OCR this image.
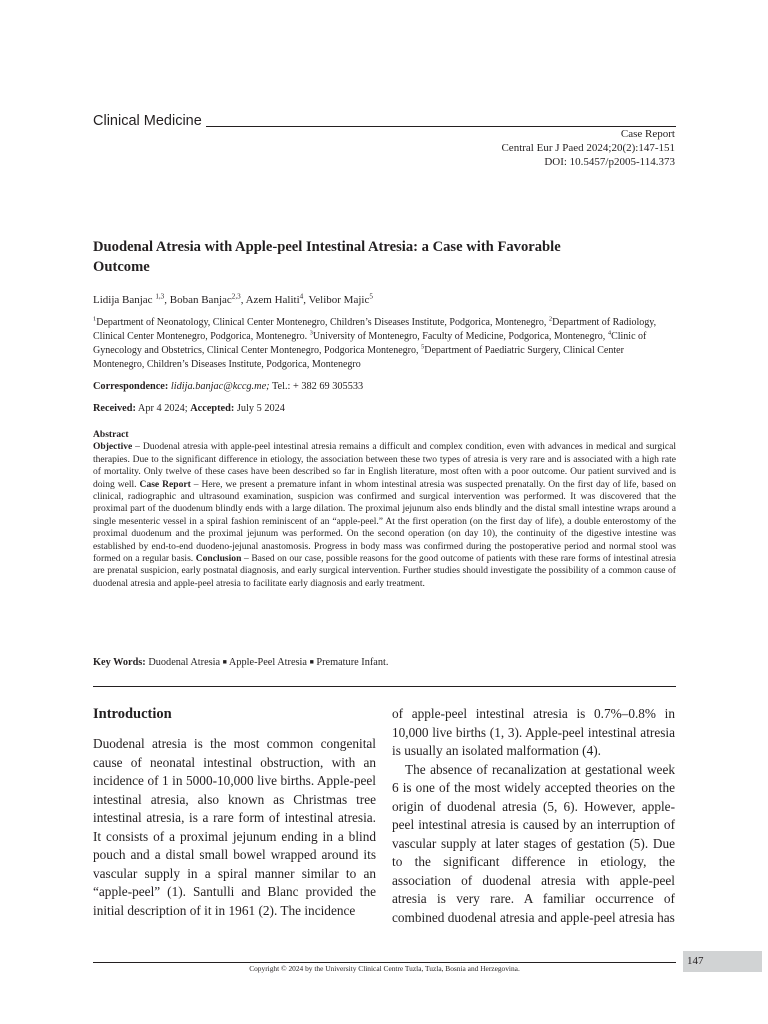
Clinical Medicine
Case Report
Central Eur J Paed 2024;20(2):147-151
DOI: 10.5457/p2005-114.373
Duodenal Atresia with Apple-peel Intestinal Atresia: a Case with Favorable
Outcome
Lidija Banjac $^{1,3}$, Boban Banjac$^{2,3}$, Azem Haliti$^4$, Velibor Majic$^5$
$^1$Department of Neonatology, Clinical Center Montenegro, Children’s Diseases Institute, Podgorica, Montenegro, $^2$Department of Radiology, Clinical Center Montenegro, Podgorica, Montenegro. $^3$University of Montenegro, Faculty of Medicine, Podgorica, Montenegro, $^4$Clinic of Gynecology and Obstetrics, Clinical Center Montenegro, Podgorica Montenegro, $^5$Department of Paediatric Surgery, Clinical Center Montenegro, Children’s Diseases Institute, Podgorica, Montenegro
Correspondence: lidija.banjac@kccg.me; Tel.: + 382 69 305533
Received: Apr 4 2024; Accepted: July 5 2024
Abstract
Objective – Duodenal atresia with apple-peel intestinal atresia remains a difficult and complex condition, even with advances in medical and surgical therapies. Due to the significant difference in etiology, the association between these two types of atresia is very rare and is associated with a high rate of mortality. Only twelve of these cases have been described so far in English literature, most often with a poor outcome. Our patient survived and is doing well. Case Report – Here, we present a premature infant in whom intestinal atresia was suspected prenatally. On the first day of life, based on clinical, radiographic and ultrasound examination, suspicion was confirmed and surgical intervention was performed. It was discovered that the proximal part of the duodenum blindly ends with a large dilation. The proximal jejunum also ends blindly and the distal small intestine wraps around a single mesenteric vessel in a spiral fashion reminiscent of an “apple-peel.” At the first operation (on the first day of life), a double enterostomy of the proximal duodenum and the proximal jejunum was performed. On the second operation (on day 10), the continuity of the digestive intestine was established by end-to-end duodeno-jejunal anastomosis. Progress in body mass was confirmed during the postoperative period and normal stool was formed on a regular basis. Conclusion – Based on our case, possible reasons for the good outcome of patients with these rare forms of intestinal atresia are prenatal suspicion, early postnatal diagnosis, and early surgical intervention. Further studies should investigate the possibility of a common cause of duodenal atresia and apple-peel atresia to facilitate early diagnosis and early treatment.
Key Words: Duodenal Atresia ■ Apple-Peel Atresia ■ Premature Infant.
Introduction

Duodenal atresia is the most common congenital cause of neonatal intestinal obstruction, with an incidence of 1 in 5000-10,000 live births. Apple-peel intestinal atresia, also known as Christmas tree intestinal atresia, is a rare form of intestinal atresia. It consists of a proximal jejunum ending in a blind pouch and a distal small bowel wrapped around its vascular supply in a spiral manner similar to an “apple-peel” (1). Santulli and Blanc provided the initial description of it in 1961 (2). The incidence

of apple-peel intestinal atresia is 0.7%–0.8% in 10,000 live births (1, 3). Apple-peel intestinal atresia is usually an isolated malformation (4).

The absence of recanalization at gestational week 6 is one of the most widely accepted theories on the origin of duodenal atresia (5, 6). However, apple-peel intestinal atresia is caused by an interruption of vascular supply at later stages of gestation (5). Due to the significant difference in etiology, the association of duodenal atresia with apple-peel atresia is very rare. A familiar occurrence of combined duodenal atresia and apple-peel atresia has

Copyright © 2024 by the University Clinical Centre Tuzla, Tuzla, Bosnia and Herzegovina.
147
